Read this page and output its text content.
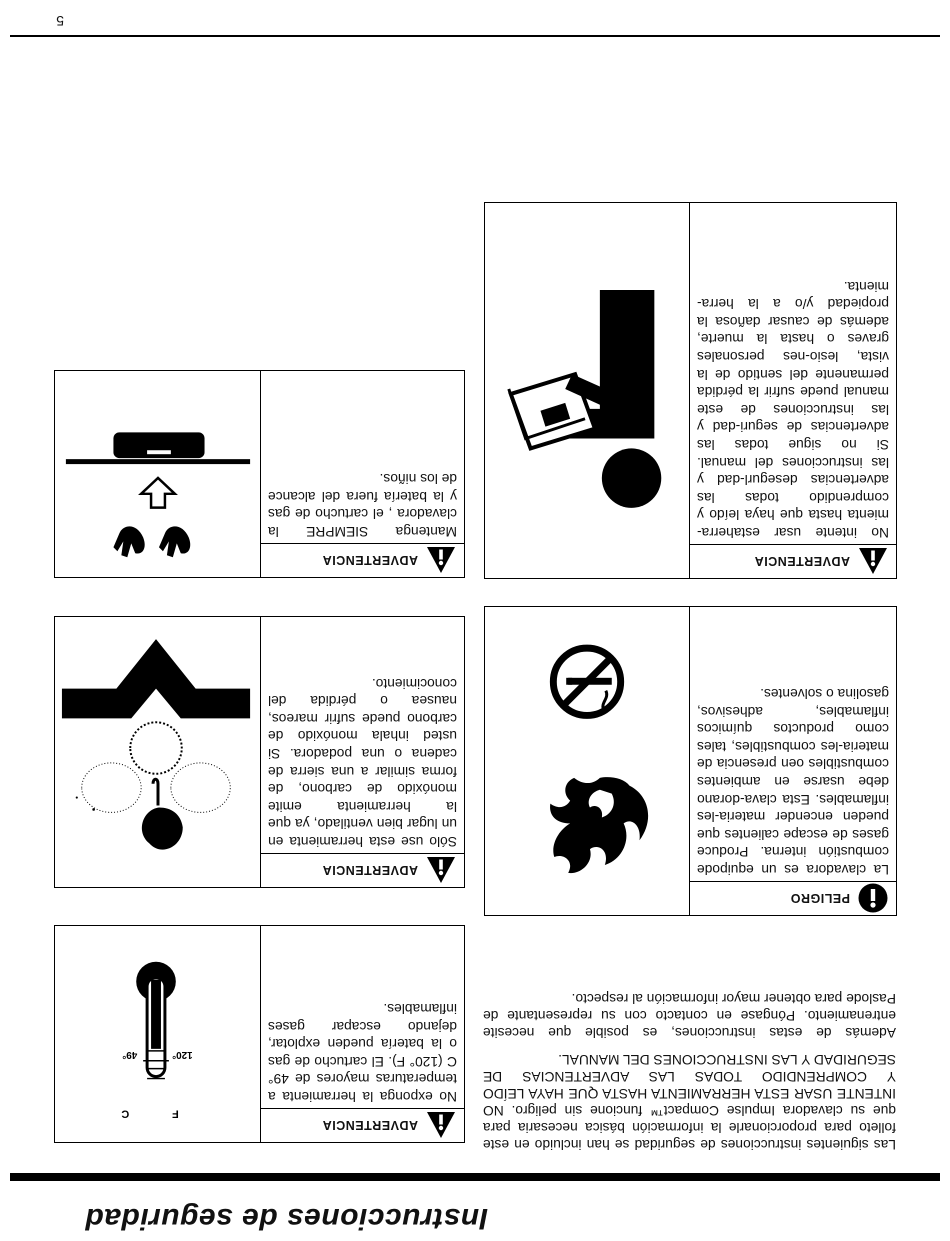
Instrucciones de seguridad

Las siguientes instrucciones de seguridad se han incluido en este folleto para proporcionarle la información básica necesaria para que su clavadora Impulse Compact™ funcione sin peligro. NO INTENTE USAR ESTA HERRAMIENTA HASTA QUE HAYA LEÍDO Y COMPRENDIDO TODAS LAS ADVERTENCIAS DE SEGURIDAD Y LAS INSTRUCCIONES DEL MANUAL.

Además de estas instrucciones, es posible que necesite entrenamiento. Póngase en contacto con su representante de Paslode para obtener mayor información al respecto.

PELIGRO
La clavadora es un equipode combustión interna. Produce gases de escape calientes que pueden encender materia-les inflamables. Esta clava-dorano debe usarse en ambientes combustibles oen presencia de materia-les combustibles, tales como productos químicos inflamables, adhesivos, gasolina o solventes.
ADVERTENCIA
No intente usar estaherra-mienta hasta que haya leído y comprendido todas las advertencias desegurl-dad y las instrucciones del manual. Si no sigue todas las advertencias de seguri-dad y las instrucciones de este manual puede sufrir la pérdida permanente del sentido de la vista, lesio-nes personales graves o hasta la muerte, además de causar dañosa la propiedad y/o a la herra-mienta.
ADVERTENCIA
No exponga la herramienta a temperaturas mayores de 49° C (120° F). El cartucho de gas o la batería pueden explotar, dejando escapar gases inflamables.
F
C
120°
49°
ADVERTENCIA
Sólo use esta herramienta en un lugar bien ventilado, ya que la herramienta emite monóxido de carbono, de forma similar a una sierra de cadena o una podadora. Si usted inhala monóxido de carbono puede sufrir mareos, nausea o pérdida del conocimiento.
ADVERTENCIA
Mantenga SIEMPRE la clavadora , el cartucho de gas y la batería fuera del alcance de los niños.
5
